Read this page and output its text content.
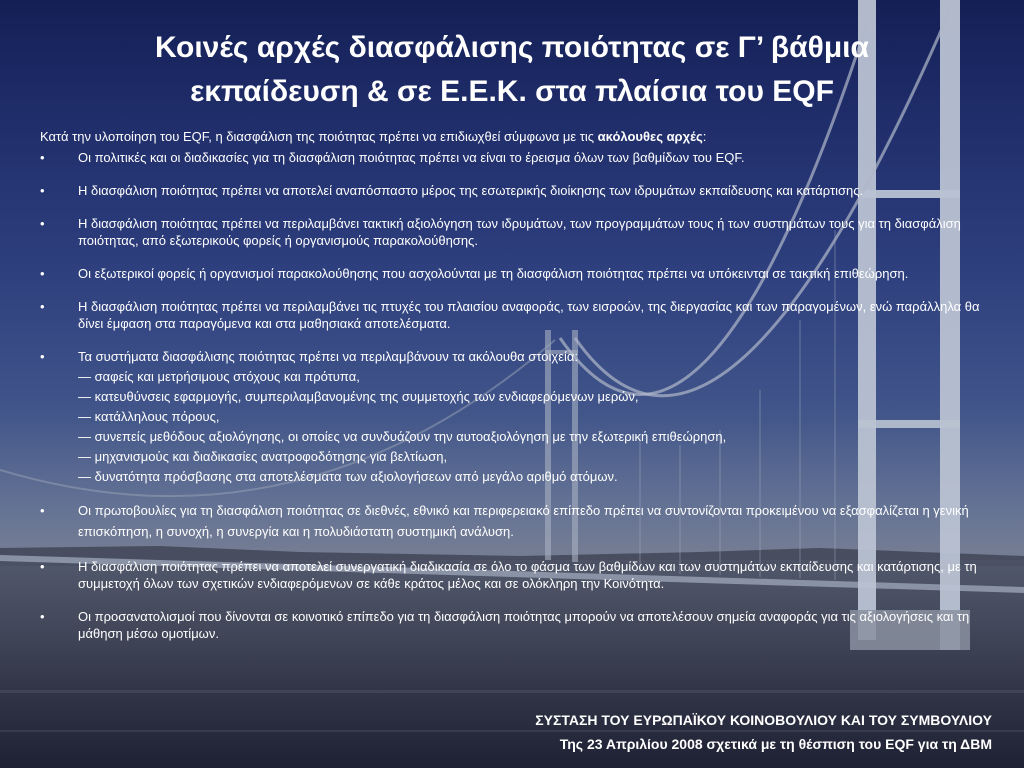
Κοινές αρχές διασφάλισης ποιότητας σε Γ’ βάθμια
εκπαίδευση & σε Ε.Ε.Κ. στα πλαίσια του EQF

Κατά την υλοποίηση του EQF, η διασφάλιση της ποιότητας πρέπει να επιδιωχθεί σύμφωνα με τις ακόλουθες αρχές:

•	Οι πολιτικές και οι διαδικασίες για τη διασφάλιση ποιότητας πρέπει να είναι το έρεισμα όλων των βαθμίδων του EQF.
•	Η διασφάλιση ποιότητας πρέπει να αποτελεί αναπόσπαστο μέρος της εσωτερικής διοίκησης των ιδρυμάτων εκπαίδευσης και κατάρτισης.
•	Η διασφάλιση ποιότητας πρέπει να περιλαμβάνει τακτική αξιολόγηση των ιδρυμάτων, των προγραμμάτων τους ή των συστημάτων τους για τη διασφάλιση ποιότητας, από εξωτερικούς φορείς ή οργανισμούς παρακολούθησης.
•	Οι εξωτερικοί φορείς ή οργανισμοί παρακολούθησης που ασχολούνται με τη διασφάλιση ποιότητας πρέπει να υπόκεινται σε τακτική επιθεώρηση.
•	Η διασφάλιση ποιότητας πρέπει να περιλαμβάνει τις πτυχές του πλαισίου αναφοράς, των εισροών, της διεργασίας και των παραγομένων, ενώ παράλληλα θα δίνει έμφαση στα παραγόμενα και στα μαθησιακά αποτελέσματα.
•	Τα συστήματα διασφάλισης ποιότητας πρέπει να περιλαμβάνουν τα ακόλουθα στοιχεία:
— σαφείς και μετρήσιμους στόχους και πρότυπα,
— κατευθύνσεις εφαρμογής, συμπεριλαμβανομένης της συμμετοχής των ενδιαφερόμενων μερών,
— κατάλληλους πόρους,
— συνεπείς μεθόδους αξιολόγησης, οι οποίες να συνδυάζουν την αυτοαξιολόγηση με την εξωτερική επιθεώρηση,
— μηχανισμούς και διαδικασίες ανατροφοδότησης για βελτίωση,
— δυνατότητα πρόσβασης στα αποτελέσματα των αξιολογήσεων από μεγάλο αριθμό ατόμων.
•	Οι πρωτοβουλίες για τη διασφάλιση ποιότητας σε διεθνές, εθνικό και περιφερειακό επίπεδο πρέπει να συντονίζονται προκειμένου να εξασφαλίζεται η γενική επισκόπηση, η συνοχή, η συνεργία και η πολυδιάστατη συστημική ανάλυση.
•	Η διασφάλιση ποιότητας πρέπει να αποτελεί συνεργατική διαδικασία σε όλο το φάσμα των βαθμίδων και των συστημάτων εκπαίδευσης και κατάρτισης, με τη συμμετοχή όλων των σχετικών ενδιαφερόμενων σε κάθε κράτος μέλος και σε ολόκληρη την Κοινότητα.
•	Οι προσανατολισμοί που δίνονται σε κοινοτικό επίπεδο για τη διασφάλιση ποιότητας μπορούν να αποτελέσουν σημεία αναφοράς για τις αξιολογήσεις και τη μάθηση μέσω ομοτίμων.
ΣΥΣΤΑΣΗ ΤΟΥ ΕΥΡΩΠΑΪΚΟΥ ΚΟΙΝΟΒΟΥΛΙΟΥ ΚΑΙ ΤΟΥ ΣΥΜΒΟΥΛΙΟΥ
Της 23 Απριλίου 2008 σχετικά με τη θέσπιση του EQF για τη ΔΒΜ
